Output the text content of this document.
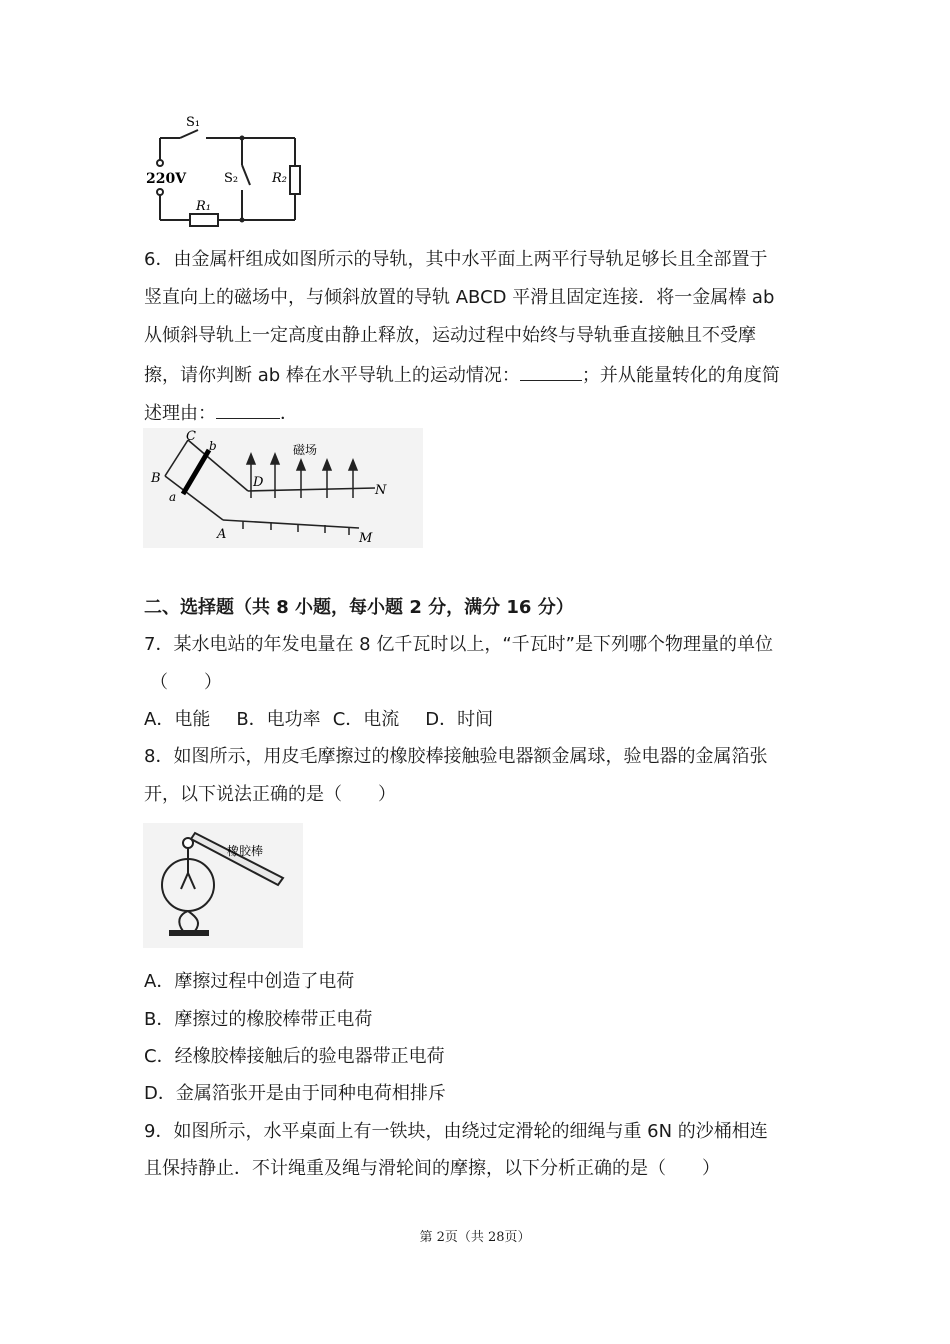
S₁
S₂
220V
R₁
R₂
6．由金属杆组成如图所示的导轨，其中水平面上两平行导轨足够长且全部置于
竖直向上的磁场中，与倾斜放置的导轨 ABCD 平滑且固定连接．将一金属棒 ab
从倾斜导轨上一定高度由静止释放，运动过程中始终与导轨垂直接触且不受摩
擦，请你判断 ab 棒在水平导轨上的运动情况：	；并从能量转化的角度简
述理由：	．
磁场
B
C
b
a
D
A
N
M
二、选择题（共 8 小题，每小题 2 分，满分 16 分）
7．某水电站的年发电量在 8 亿千瓦时以上，“千瓦时”是下列哪个物理量的单位
（　　）
A．电能 B．电功率 C．电流 D．时间
8．如图所示，用皮毛摩擦过的橡胶棒接触验电器额金属球，验电器的金属箔张
开，以下说法正确的是（　　）
橡胶棒
A．摩擦过程中创造了电荷
B．摩擦过的橡胶棒带正电荷
C．经橡胶棒接触后的验电器带正电荷
D．金属箔张开是由于同种电荷相排斥
9．如图所示，水平桌面上有一铁块，由绕过定滑轮的细绳与重 6N 的沙桶相连
且保持静止．不计绳重及绳与滑轮间的摩擦，以下分析正确的是（　　）
第 2页（共 28页）
